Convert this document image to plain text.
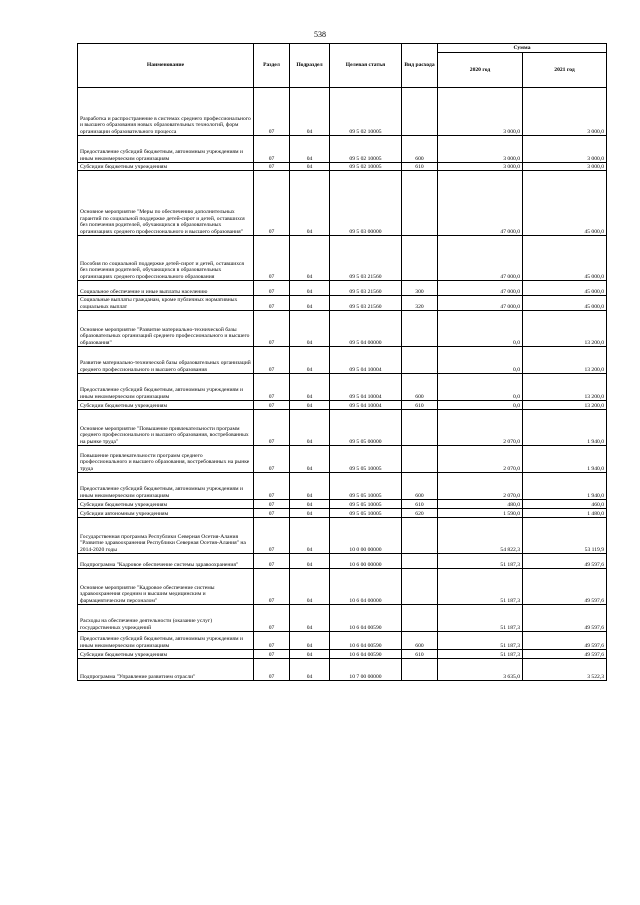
538
Наименование	Раздел	Подраздел	Целевая статья	Вид расхода	Сумма	
					2020 год	2021 год
Разработка и распространение в системах среднего профессионального и высшего образования новых образовательных технологий, форм организации образовательного процесса	07	04	09 5 02 10005		3 000,0	3 000,0
Предоставление субсидий бюджетным, автономным учреждениям и иным некоммерческим организациям	07	04	09 5 02 10005	600	3 000,0	3 000,0
Субсидии бюджетным учреждениям	07	04	09 5 02 10005	610	3 000,0	3 000,0
Основное мероприятие "Меры по обеспечению дополнительных гарантий по социальной поддержке детей-сирот и детей, оставшихся без попечения родителей, обучающихся в образовательных организациях среднего профессионального и высшего образования"	07	04	09 5 03 00000		47 000,0	45 000,0
Пособия по социальной поддержке детей-сирот и детей, оставшихся без попечения родителей, обучающихся в образовательных организациях среднего профессионального образования	07	04	09 5 03 21560		47 000,0	45 000,0
Социальное обеспечение и иные выплаты населению	07	04	09 5 03 21560	300	47 000,0	45 000,0
Социальные выплаты гражданам, кроме публичных нормативных социальных выплат	07	04	09 5 03 21560	320	47 000,0	45 000,0
Основное мероприятие "Развитие материально-технической базы образовательных организаций среднего профессионального и высшего образования"	07	04	09 5 04 00000		0,0	13 200,0
Развитие материально-технической базы образовательных организаций среднего профессионального и высшего образования	07	04	09 5 04 10004		0,0	13 200,0
Предоставление субсидий бюджетным, автономным учреждениям и иным некоммерческим организациям	07	04	09 5 04 10004	600	0,0	13 200,0
Субсидии бюджетным учреждениям	07	04	09 5 04 10004	610	0,0	13 200,0
Основное мероприятие "Повышение привлекательности программ среднего профессионального и высшего образования, востребованных на рынке труда"	07	04	09 5 05 00000		2 070,0	1 940,0
Повышение привлекательности программ среднего профессионального и высшего образования, востребованных на рынке труда	07	04	09 5 05 10005		2 070,0	1 940,0
Предоставление субсидий бюджетным, автономным учреждениям и иным некоммерческим организациям	07	04	09 5 05 10005	600	2 070,0	1 940,0
Субсидии бюджетным учреждениям	07	04	09 5 05 10005	610	480,0	460,0
Субсидии автономным учреждениям	07	04	09 5 05 10005	620	1 590,0	1 480,0
Государственная программа Республики Северная Осетия-Алания "Развитие здравоохранения Республики Северная Осетия-Алания" на 2014-2020 годы	07	04	10 0 00 00000		54 822,3	53 119,9
Подпрограмма "Кадровое обеспечение системы здравоохранения"	07	04	10 6 00 00000		51 187,3	49 597,6
Основное мероприятие "Кадровое обеспечение системы здравоохранения средним и высшим медицинским и фармацевтическим персоналом"	07	04	10 6 04 00000		51 187,3	49 597,6
Расходы на обеспечение деятельности (оказание услуг) государственных учреждений	07	04	10 6 04 00590		51 187,3	49 597,6
Предоставление субсидий бюджетным, автономным учреждениям и иным некоммерческим организациям	07	04	10 6 04 00590	600	51 187,3	49 597,6
Субсидии бюджетным учреждениям	07	04	10 6 04 00590	610	51 187,3	49 597,6
Подпрограмма "Управление развитием отрасли"	07	04	10 7 00 00000		3 635,0	3 522,3
